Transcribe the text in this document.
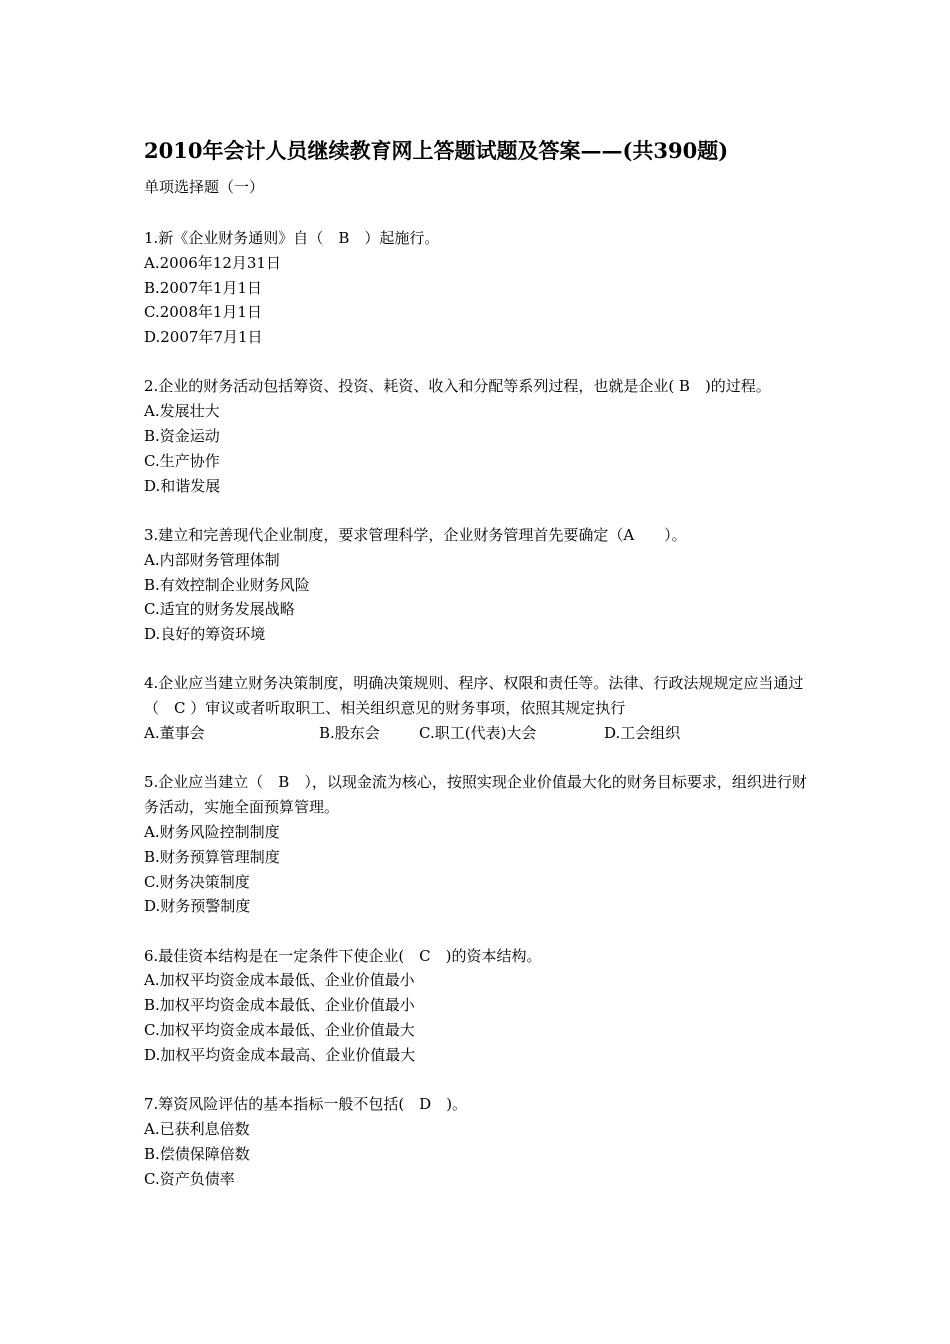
2010年会计人员继续教育网上答题试题及答案——(共390题)
单项选择题（一）
1.新《企业财务通则》自（　B　）起施行。
A.2006年12月31日
B.2007年1月1日
C.2008年1月1日
D.2007年7月1日
2.企业的财务活动包括筹资、投资、耗资、收入和分配等系列过程，也就是企业( B　)的过程。
A.发展壮大
B.资金运动
C.生产协作
D.和谐发展
3.建立和完善现代企业制度，要求管理科学，企业财务管理首先要确定（A　　）。
A.内部财务管理体制
B.有效控制企业财务风险
C.适宜的财务发展战略
D.良好的筹资环境
4.企业应当建立财务决策制度，明确决策规则、程序、权限和责任等。法律、行政法规规定应当通过（　C ）审议或者听取职工、相关组织意见的财务事项，依照其规定执行
A.董事会	B.股东会	C.职工(代表)大会	D.工会组织
5.企业应当建立（　B　），以现金流为核心，按照实现企业价值最大化的财务目标要求，组织进行财务活动，实施全面预算管理。
A.财务风险控制制度
B.财务预算管理制度
C.财务决策制度
D.财务预警制度
6.最佳资本结构是在一定条件下使企业(　C　)的资本结构。
A.加权平均资金成本最低、企业价值最小
B.加权平均资金成本最低、企业价值最小
C.加权平均资金成本最低、企业价值最大
D.加权平均资金成本最高、企业价值最大
7.筹资风险评估的基本指标一般不包括(　D　)。
A.已获利息倍数
B.偿债保障倍数
C.资产负债率
